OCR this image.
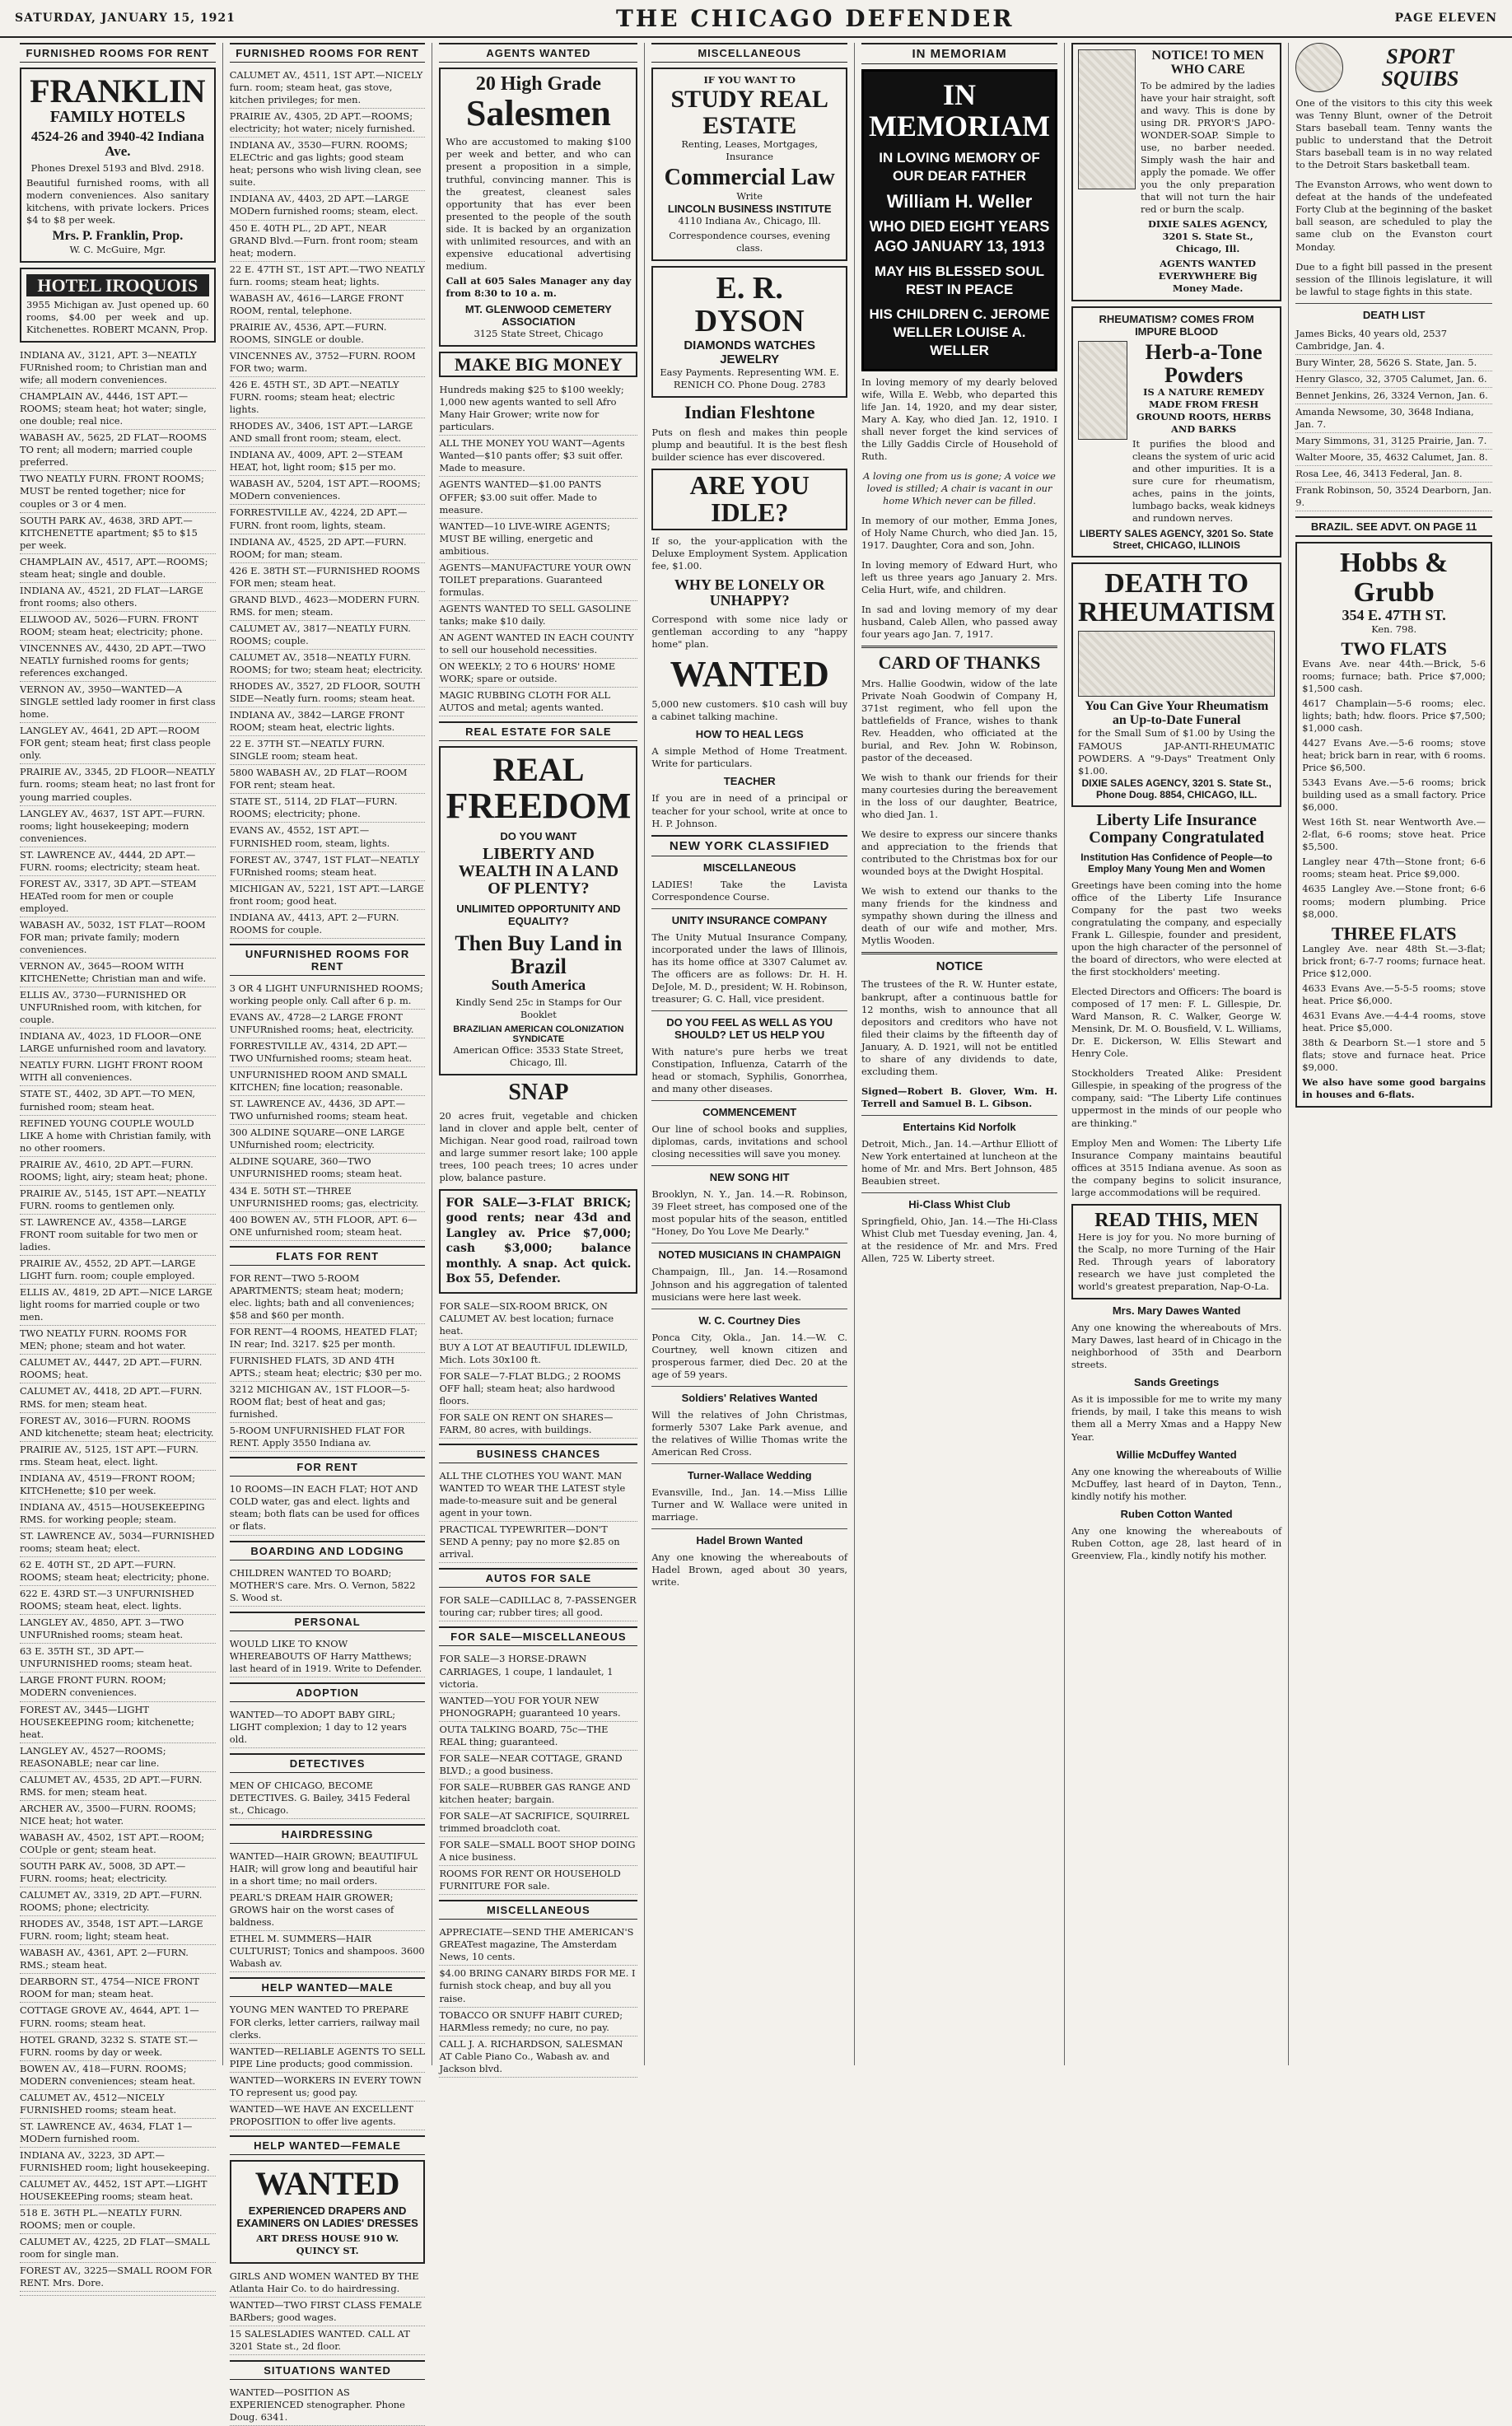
SATURDAY, JANUARY 15, 1921	THE CHICAGO DEFENDER	PAGE ELEVEN
FURNISHED ROOMS FOR RENT
FRANKLIN
FAMILY HOTELS
4524-26 and 3940-42 Indiana Ave.
Phones Drexel 5193 and Blvd. 2918.
Beautiful furnished rooms, with all modern conveniences. Also sanitary kitchens, with private lockers. Prices $4 to $8 per week.
Mrs. P. Franklin, Prop.
W. C. McGuire, Mgr.
HOTEL IROQUOIS
3955 Michigan av. Just opened up. 60 rooms, $4.00 per week and up. Kitchenettes. ROBERT MCANN, Prop.
INDIANA AV., 3121, APT. 3—NEATLY FURnished room; to Christian man and wife; all modern conveniences.
CHAMPLAIN AV., 4446, 1ST APT.—ROOMS; steam heat; hot water; single, one double; real nice.
WABASH AV., 5625, 2D FLAT—ROOMS TO rent; all modern; married couple preferred.
TWO NEATLY FURN. FRONT ROOMS; MUST be rented together; nice for couples or 3 or 4 men.
SOUTH PARK AV., 4638, 3RD APT.—KITCHENETTE apartment; $5 to $15 per week.
CHAMPLAIN AV., 4517, APT.—ROOMS; steam heat; single and double.
INDIANA AV., 4521, 2D FLAT—LARGE front rooms; also others.
ELLWOOD AV., 5026—FURN. FRONT ROOM; steam heat; electricity; phone.
VINCENNES AV., 4430, 2D APT.—TWO NEATLY furnished rooms for gents; references exchanged.
VERNON AV., 3950—WANTED—A SINGLE settled lady roomer in first class home.
LANGLEY AV., 4641, 2D APT.—ROOM FOR gent; steam heat; first class people only.
PRAIRIE AV., 3345, 2D FLOOR—NEATLY furn. rooms; steam heat; no last front for young married couples.
LANGLEY AV., 4637, 1ST APT.—FURN. rooms; light housekeeping; modern conveniences.
ST. LAWRENCE AV., 4444, 2D APT.—FURN. rooms; electricity; steam heat.
FOREST AV., 3317, 3D APT.—STEAM HEATed room for men or couple employed.
WABASH AV., 5032, 1ST FLAT—ROOM FOR man; private family; modern conveniences.
VERNON AV., 3645—ROOM WITH KITCHENette; Christian man and wife.
ELLIS AV., 3730—FURNISHED OR UNFURnished room, with kitchen, for couple.
INDIANA AV., 4023, 1D FLOOR—ONE LARGE unfurnished room and lavatory.
NEATLY FURN. LIGHT FRONT ROOM WITH all conveniences.
STATE ST., 4402, 3D APT.—TO MEN, furnished room; steam heat.
REFINED YOUNG COUPLE WOULD LIKE A home with Christian family, with no other roomers.
PRAIRIE AV., 4610, 2D APT.—FURN. ROOMS; light, airy; steam heat; phone.
PRAIRIE AV., 5145, 1ST APT.—NEATLY FURN. rooms to gentlemen only.
ST. LAWRENCE AV., 4358—LARGE FRONT room suitable for two men or ladies.
PRAIRIE AV., 4552, 2D APT.—LARGE LIGHT furn. room; couple employed.
ELLIS AV., 4819, 2D APT.—NICE LARGE light rooms for married couple or two men.
TWO NEATLY FURN. ROOMS FOR MEN; phone; steam and hot water.
CALUMET AV., 4447, 2D APT.—FURN. ROOMS; heat.
CALUMET AV., 4418, 2D APT.—FURN. RMS. for men; steam heat.
FOREST AV., 3016—FURN. ROOMS AND kitchenette; steam heat; electricity.
PRAIRIE AV., 5125, 1ST APT.—FURN. rms. Steam heat, elect. light.
INDIANA AV., 4519—FRONT ROOM; KITCHenette; $10 per week.
INDIANA AV., 4515—HOUSEKEEPING RMS. for working people; steam.
ST. LAWRENCE AV., 5034—FURNISHED rooms; steam heat; elect.
62 E. 40TH ST., 2D APT.—FURN. ROOMS; steam heat; electricity; phone.
622 E. 43RD ST.—3 UNFURNISHED ROOMS; steam heat, elect. lights.
LANGLEY AV., 4850, APT. 3—TWO UNFURnished rooms; steam heat.
63 E. 35TH ST., 3D APT.—UNFURNISHED rooms; steam heat.
LARGE FRONT FURN. ROOM; MODERN conveniences.
FOREST AV., 3445—LIGHT HOUSEKEEPING room; kitchenette; heat.
LANGLEY AV., 4527—ROOMS; REASONABLE; near car line.
CALUMET AV., 4535, 2D APT.—FURN. RMS. for men; steam heat.
ARCHER AV., 3500—FURN. ROOMS; NICE heat; hot water.
WABASH AV., 4502, 1ST APT.—ROOM; COUple or gent; steam heat.
SOUTH PARK AV., 5008, 3D APT.—FURN. rooms; heat; electricity.
CALUMET AV., 3319, 2D APT.—FURN. ROOMS; phone; electricity.
RHODES AV., 3548, 1ST APT.—LARGE FURN. room; light; steam heat.
WABASH AV., 4361, APT. 2—FURN. RMS.; steam heat.
DEARBORN ST., 4754—NICE FRONT ROOM for man; steam heat.
COTTAGE GROVE AV., 4644, APT. 1—FURN. rooms; steam heat.
HOTEL GRAND, 3232 S. STATE ST.—FURN. rooms by day or week.
BOWEN AV., 418—FURN. ROOMS; MODERN conveniences; steam heat.
CALUMET AV., 4512—NICELY FURNISHED rooms; steam heat.
ST. LAWRENCE AV., 4634, FLAT 1—MODern furnished room.
INDIANA AV., 3223, 3D APT.—FURNISHED room; light housekeeping.
CALUMET AV., 4452, 1ST APT.—LIGHT HOUSEKEEPing rooms; steam heat.
518 E. 36TH PL.—NEATLY FURN. ROOMS; men or couple.
CALUMET AV., 4225, 2D FLAT—SMALL room for single man.
FOREST AV., 3225—SMALL ROOM FOR RENT. Mrs. Dore.
FURNISHED ROOMS FOR RENT
CALUMET AV., 4511, 1ST APT.—NICELY furn. room; steam heat, gas stove, kitchen privileges; for men.
PRAIRIE AV., 4305, 2D APT.—ROOMS; electricity; hot water; nicely furnished.
INDIANA AV., 3530—FURN. ROOMS; ELECtric and gas lights; good steam heat; persons who wish living clean, see suite.
INDIANA AV., 4403, 2D APT.—LARGE MODern furnished rooms; steam, elect.
450 E. 40TH PL., 2D APT., NEAR GRAND Blvd.—Furn. front room; steam heat; modern.
22 E. 47TH ST., 1ST APT.—TWO NEATLY furn. rooms; steam heat; lights.
WABASH AV., 4616—LARGE FRONT ROOM, rental, telephone.
PRAIRIE AV., 4536, APT.—FURN. ROOMS, SINGLE or double.
VINCENNES AV., 3752—FURN. ROOM FOR two; warm.
426 E. 45TH ST., 3D APT.—NEATLY FURN. rooms; steam heat; electric lights.
RHODES AV., 3406, 1ST APT.—LARGE AND small front room; steam, elect.
INDIANA AV., 4009, APT. 2—STEAM HEAT, hot, light room; $15 per mo.
WABASH AV., 5204, 1ST APT.—ROOMS; MODern conveniences.
FORRESTVILLE AV., 4224, 2D APT.—FURN. front room, lights, steam.
INDIANA AV., 4525, 2D APT.—FURN. ROOM; for man; steam.
426 E. 38TH ST.—FURNISHED ROOMS FOR men; steam heat.
GRAND BLVD., 4623—MODERN FURN. RMS. for men; steam.
CALUMET AV., 3817—NEATLY FURN. ROOMS; couple.
CALUMET AV., 3518—NEATLY FURN. ROOMS; for two; steam heat; electricity.
RHODES AV., 3527, 2D FLOOR, SOUTH SIDE—Neatly furn. rooms; steam heat.
INDIANA AV., 3842—LARGE FRONT ROOM; steam heat, electric lights.
22 E. 37TH ST.—NEATLY FURN. SINGLE room; steam heat.
5800 WABASH AV., 2D FLAT—ROOM FOR rent; steam heat.
STATE ST., 5114, 2D FLAT—FURN. ROOMS; electricity; phone.
EVANS AV., 4552, 1ST APT.—FURNISHED room, steam, lights.
FOREST AV., 3747, 1ST FLAT—NEATLY FURnished rooms; steam heat.
MICHIGAN AV., 5221, 1ST APT.—LARGE front room; good heat.
INDIANA AV., 4413, APT. 2—FURN. ROOMS for couple.
UNFURNISHED ROOMS FOR RENT
3 OR 4 LIGHT UNFURNISHED ROOMS; working people only. Call after 6 p. m.
EVANS AV., 4728—2 LARGE FRONT UNFURnished rooms; heat, electricity.
FORRESTVILLE AV., 4314, 2D APT.—TWO UNfurnished rooms; steam heat.
UNFURNISHED ROOM AND SMALL KITCHEN; fine location; reasonable.
ST. LAWRENCE AV., 4436, 3D APT.—TWO unfurnished rooms; steam heat.
300 ALDINE SQUARE—ONE LARGE UNfurnished room; electricity.
ALDINE SQUARE, 360—TWO UNFURNISHED rooms; steam heat.
434 E. 50TH ST.—THREE UNFURNISHED rooms; gas, electricity.
400 BOWEN AV., 5TH FLOOR, APT. 6—ONE unfurnished room; steam heat.
FLATS FOR RENT
FOR RENT—TWO 5-ROOM APARTMENTS; steam heat; modern; elec. lights; bath and all conveniences; $58 and $60 per month.
FOR RENT—4 ROOMS, HEATED FLAT; IN rear; Ind. 3217. $25 per month.
FURNISHED FLATS, 3D AND 4TH APTS.; steam heat; electric; $30 per mo.
3212 MICHIGAN AV., 1ST FLOOR—5-ROOM flat; best of heat and gas; furnished.
5-ROOM UNFURNISHED FLAT FOR RENT. Apply 3550 Indiana av.
FOR RENT
10 ROOMS—IN EACH FLAT; HOT AND COLD water, gas and elect. lights and steam; both flats can be used for offices or flats.
BOARDING AND LODGING
CHILDREN WANTED TO BOARD; MOTHER'S care. Mrs. O. Vernon, 5822 S. Wood st.
PERSONAL
WOULD LIKE TO KNOW WHEREABOUTS OF Harry Matthews; last heard of in 1919. Write to Defender.
ADOPTION
WANTED—TO ADOPT BABY GIRL; LIGHT complexion; 1 day to 12 years old.
DETECTIVES
MEN OF CHICAGO, BECOME DETECTIVES. G. Bailey, 3415 Federal st., Chicago.
HAIRDRESSING
WANTED—HAIR GROWN; BEAUTIFUL HAIR; will grow long and beautiful hair in a short time; no mail orders.
PEARL'S DREAM HAIR GROWER; GROWS hair on the worst cases of baldness.
ETHEL M. SUMMERS—HAIR CULTURIST; Tonics and shampoos. 3600 Wabash av.
HELP WANTED—MALE
YOUNG MEN WANTED TO PREPARE FOR clerks, letter carriers, railway mail clerks.
WANTED—RELIABLE AGENTS TO SELL PIPE Line products; good commission.
WANTED—WORKERS IN EVERY TOWN TO represent us; good pay.
WANTED—WE HAVE AN EXCELLENT PROPOSITION to offer live agents.
HELP WANTED—FEMALE
WANTED
EXPERIENCED DRAPERS AND EXAMINERS ON LADIES' DRESSES
ART DRESS HOUSE 910 W. QUINCY ST.
GIRLS AND WOMEN WANTED BY THE Atlanta Hair Co. to do hairdressing.
WANTED—TWO FIRST CLASS FEMALE BARbers; good wages.
15 SALESLADIES WANTED. CALL AT 3201 State st., 2d floor.
SITUATIONS WANTED
WANTED—POSITION AS EXPERIENCED stenographer. Phone Doug. 6341.
AGENTS WANTED
20 High Grade
Salesmen
Who are accustomed to making $100 per week and better, and who can present a proposition in a simple, truthful, convincing manner. This is the greatest, cleanest sales opportunity that has ever been presented to the people of the south side. It is backed by an organization with unlimited resources, and with an expensive educational advertising medium.
Call at 605 Sales Manager any day from 8:30 to 10 a. m.
MT. GLENWOOD CEMETERY ASSOCIATION
3125 State Street, Chicago
MAKE BIG MONEY
Hundreds making $25 to $100 weekly; 1,000 new agents wanted to sell Afro Many Hair Grower; write now for particulars.
ALL THE MONEY YOU WANT—Agents Wanted—$10 pants offer; $3 suit offer. Made to measure.
AGENTS WANTED—$1.00 PANTS OFFER; $3.00 suit offer. Made to measure.
WANTED—10 LIVE-WIRE AGENTS; MUST BE willing, energetic and ambitious.
AGENTS—MANUFACTURE YOUR OWN TOILET preparations. Guaranteed formulas.
AGENTS WANTED TO SELL GASOLINE tanks; make $10 daily.
AN AGENT WANTED IN EACH COUNTY to sell our household necessities.
ON WEEKLY; 2 TO 6 HOURS' HOME WORK; spare or outside.
MAGIC RUBBING CLOTH FOR ALL AUTOS and metal; agents wanted.
REAL ESTATE FOR SALE
REAL
FREEDOM
DO YOU WANT
LIBERTY AND WEALTH IN A LAND OF PLENTY?
UNLIMITED OPPORTUNITY AND EQUALITY?
Then Buy Land in Brazil
South America
Kindly Send 25c in Stamps for Our Booklet
BRAZILIAN AMERICAN COLONIZATION SYNDICATE
American Office: 3533 State Street, Chicago, Ill.
SNAP
20 acres fruit, vegetable and chicken land in clover and apple belt, center of Michigan. Near good road, railroad town and large summer resort lake; 100 apple trees, 100 peach trees; 10 acres under plow, balance pasture.
FOR SALE—3-FLAT BRICK; good rents; near 43d and Langley av. Price $7,000; cash $3,000; balance monthly. A snap. Act quick. Box 55, Defender.
FOR SALE—SIX-ROOM BRICK, ON CALUMET AV. best location; furnace heat.
BUY A LOT AT BEAUTIFUL IDLEWILD, Mich. Lots 30x100 ft.
FOR SALE—7-FLAT BLDG.; 2 ROOMS OFF hall; steam heat; also hardwood floors.
FOR SALE ON RENT ON SHARES—FARM, 80 acres, with buildings.
BUSINESS CHANCES
ALL THE CLOTHES YOU WANT. MAN WANTED TO WEAR THE LATEST style made-to-measure suit and be general agent in your town.
PRACTICAL TYPEWRITER—DON'T SEND A penny; pay no more $2.85 on arrival.
AUTOS FOR SALE
FOR SALE—CADILLAC 8, 7-PASSENGER touring car; rubber tires; all good.
FOR SALE—MISCELLANEOUS
FOR SALE—3 HORSE-DRAWN CARRIAGES, 1 coupe, 1 landaulet, 1 victoria.
WANTED—YOU FOR YOUR NEW PHONOGRAPH; guaranteed 10 years.
OUTA TALKING BOARD, 75c—THE REAL thing; guaranteed.
FOR SALE—NEAR COTTAGE, GRAND BLVD.; a good business.
FOR SALE—RUBBER GAS RANGE AND kitchen heater; bargain.
FOR SALE—AT SACRIFICE, SQUIRREL trimmed broadcloth coat.
FOR SALE—SMALL BOOT SHOP DOING A nice business.
ROOMS FOR RENT OR HOUSEHOLD FURNITURE FOR sale.
MISCELLANEOUS
APPRECIATE—SEND THE AMERICAN'S GREATest magazine, The Amsterdam News, 10 cents.
$4.00 BRING CANARY BIRDS FOR ME. I furnish stock cheap, and buy all you raise.
TOBACCO OR SNUFF HABIT CURED; HARMless remedy; no cure, no pay.
CALL J. A. RICHARDSON, SALESMAN AT Cable Piano Co., Wabash av. and Jackson blvd.
MISCELLANEOUS
IF YOU WANT TO
STUDY REAL ESTATE
Renting, Leases, Mortgages, Insurance
Commercial Law
Write
LINCOLN BUSINESS INSTITUTE
4110 Indiana Av., Chicago, Ill.
Correspondence courses, evening class.
E. R. DYSON
DIAMONDS WATCHES JEWELRY
Easy Payments. Representing WM. E. RENICH CO. Phone Doug. 2783
Indian Fleshtone
Puts on flesh and makes thin people plump and beautiful. It is the best flesh builder science has ever discovered.
ARE YOU IDLE?
If so, the your-application with the Deluxe Employment System. Application fee, $1.00.
WHY BE LONELY OR UNHAPPY?
Correspond with some nice lady or gentleman according to any "happy home" plan.
WANTED
5,000 new customers. $10 cash will buy a cabinet talking machine.
HOW TO HEAL LEGS
A simple Method of Home Treatment. Write for particulars.
TEACHER
If you are in need of a principal or teacher for your school, write at once to H. P. Johnson.
NEW YORK CLASSIFIED
MISCELLANEOUS
LADIES! Take the Lavista Correspondence Course.
UNITY INSURANCE COMPANY
The Unity Mutual Insurance Company, incorporated under the laws of Illinois, has its home office at 3307 Calumet av. The officers are as follows: Dr. H. H. DeJole, M. D., president; W. H. Robinson, treasurer; G. C. Hall, vice president.
DO YOU FEEL AS WELL AS YOU SHOULD? LET US HELP YOU
With nature's pure herbs we treat Constipation, Influenza, Catarrh of the head or stomach, Syphilis, Gonorrhea, and many other diseases.
COMMENCEMENT
Our line of school books and supplies, diplomas, cards, invitations and school closing necessities will save you money.
NEW SONG HIT
Brooklyn, N. Y., Jan. 14.—R. Robinson, 39 Fleet street, has composed one of the most popular hits of the season, entitled "Honey, Do You Love Me Dearly."
NOTED MUSICIANS IN CHAMPAIGN
Champaign, Ill., Jan. 14.—Rosamond Johnson and his aggregation of talented musicians were here last week.
W. C. Courtney Dies
Ponca City, Okla., Jan. 14.—W. C. Courtney, well known citizen and prosperous farmer, died Dec. 20 at the age of 59 years.
Soldiers' Relatives Wanted
Will the relatives of John Christmas, formerly 5307 Lake Park avenue, and the relatives of Willie Thomas write the American Red Cross.
Turner-Wallace Wedding
Evansville, Ind., Jan. 14.—Miss Lillie Turner and W. Wallace were united in marriage.
Hadel Brown Wanted
Any one knowing the whereabouts of Hadel Brown, aged about 30 years, write.
IN MEMORIAM
IN MEMORIAM
IN LOVING MEMORY OF OUR DEAR FATHER
William H. Weller
WHO DIED EIGHT YEARS AGO JANUARY 13, 1913
MAY HIS BLESSED SOUL REST IN PEACE
HIS CHILDREN C. JEROME WELLER LOUISE A. WELLER
In loving memory of my dearly beloved wife, Willa E. Webb, who departed this life Jan. 14, 1920, and my dear sister, Mary A. Kay, who died Jan. 12, 1910. I shall never forget the kind services of the Lilly Gaddis Circle of Household of Ruth.
A loving one from us is gone; A voice we loved is stilled; A chair is vacant in our home Which never can be filled.
In memory of our mother, Emma Jones, of Holy Name Church, who died Jan. 15, 1917. Daughter, Cora and son, John.
In loving memory of Edward Hurt, who left us three years ago January 2. Mrs. Celia Hurt, wife, and children.
In sad and loving memory of my dear husband, Caleb Allen, who passed away four years ago Jan. 7, 1917.
CARD OF THANKS
Mrs. Hallie Goodwin, widow of the late Private Noah Goodwin of Company H, 371st regiment, who fell upon the battlefields of France, wishes to thank Rev. Headden, who officiated at the burial, and Rev. John W. Robinson, pastor of the deceased.
We wish to thank our friends for their many courtesies during the bereavement in the loss of our daughter, Beatrice, who died Jan. 1.
We desire to express our sincere thanks and appreciation to the friends that contributed to the Christmas box for our wounded boys at the Dwight Hospital.
We wish to extend our thanks to the many friends for the kindness and sympathy shown during the illness and death of our wife and mother, Mrs. Mytlis Wooden.
NOTICE
The trustees of the R. W. Hunter estate, bankrupt, after a continuous battle for 12 months, wish to announce that all depositors and creditors who have not filed their claims by the fifteenth day of January, A. D. 1921, will not be entitled to share of any dividends to date, excluding them.
Signed—Robert B. Glover, Wm. H. Terrell and Samuel B. L. Gibson.
Entertains Kid Norfolk
Detroit, Mich., Jan. 14.—Arthur Elliott of New York entertained at luncheon at the home of Mr. and Mrs. Bert Johnson, 485 Beaubien street.
Hi-Class Whist Club
Springfield, Ohio, Jan. 14.—The Hi-Class Whist Club met Tuesday evening, Jan. 4, at the residence of Mr. and Mrs. Fred Allen, 725 W. Liberty street.
NOTICE! TO MEN WHO CARE
To be admired by the ladies have your hair straight, soft and wavy. This is done by using DR. PRYOR'S JAPO-WONDER-SOAP. Simple to use, no barber needed. Simply wash the hair and apply the pomade. We offer you the only preparation that will not turn the hair red or burn the scalp.
DIXIE SALES AGENCY, 3201 S. State St., Chicago, Ill.
AGENTS WANTED EVERYWHERE Big Money Made.
RHEUMATISM? COMES FROM IMPURE BLOOD
Herb-a-Tone Powders
IS A NATURE REMEDY MADE FROM FRESH GROUND ROOTS, HERBS AND BARKS
It purifies the blood and cleans the system of uric acid and other impurities. It is a sure cure for rheumatism, aches, pains in the joints, lumbago backs, weak kidneys and rundown nerves.
LIBERTY SALES AGENCY, 3201 So. State Street, CHICAGO, ILLINOIS
DEATH TO RHEUMATISM
You Can Give Your Rheumatism an Up-to-Date Funeral
for the Small Sum of $1.00 by Using the FAMOUS JAP-ANTI-RHEUMATIC POWDERS. A "9-Days" Treatment Only $1.00.
DIXIE SALES AGENCY, 3201 S. State St., Phone Doug. 8854, CHICAGO, ILL.
Liberty Life Insurance Company Congratulated
Institution Has Confidence of People—to Employ Many Young Men and Women
Greetings have been coming into the home office of the Liberty Life Insurance Company for the past two weeks congratulating the company, and especially Frank L. Gillespie, founder and president, upon the high character of the personnel of the board of directors, who were elected at the first stockholders' meeting.
Elected Directors and Officers: The board is composed of 17 men: F. L. Gillespie, Dr. Ward Manson, R. C. Walker, George W. Mensink, Dr. M. O. Bousfield, V. L. Williams, Dr. E. Dickerson, W. Ellis Stewart and Henry Cole.
Stockholders Treated Alike: President Gillespie, in speaking of the progress of the company, said: "The Liberty Life continues uppermost in the minds of our people who are thinking."
Employ Men and Women: The Liberty Life Insurance Company maintains beautiful offices at 3515 Indiana avenue. As soon as the company begins to solicit insurance, large accommodations will be required.
READ THIS, MEN
Here is joy for you. No more burning of the Scalp, no more Turning of the Hair Red. Through years of laboratory research we have just completed the world's greatest preparation, Nap-O-La.
Mrs. Mary Dawes Wanted
Any one knowing the whereabouts of Mrs. Mary Dawes, last heard of in Chicago in the neighborhood of 35th and Dearborn streets.
Sands Greetings
As it is impossible for me to write my many friends, by mail, I take this means to wish them all a Merry Xmas and a Happy New Year.
Willie McDuffey Wanted
Any one knowing the whereabouts of Willie McDuffey, last heard of in Dayton, Tenn., kindly notify his mother.
Ruben Cotton Wanted
Any one knowing the whereabouts of Ruben Cotton, age 28, last heard of in Greenview, Fla., kindly notify his mother.
SPORT SQUIBS
One of the visitors to this city this week was Tenny Blunt, owner of the Detroit Stars baseball team. Tenny wants the public to understand that the Detroit Stars baseball team is in no way related to the Detroit Stars basketball team.
The Evanston Arrows, who went down to defeat at the hands of the undefeated Forty Club at the beginning of the basket ball season, are scheduled to play the same club on the Evanston court Monday.
Due to a fight bill passed in the present session of the Illinois legislature, it will be lawful to stage fights in this state.
DEATH LIST
James Bicks, 40 years old, 2537 Cambridge, Jan. 4.
Bury Winter, 28, 5626 S. State, Jan. 5.
Henry Glasco, 32, 3705 Calumet, Jan. 6.
Bennet Jenkins, 26, 3324 Vernon, Jan. 6.
Amanda Newsome, 30, 3648 Indiana, Jan. 7.
Mary Simmons, 31, 3125 Prairie, Jan. 7.
Walter Moore, 35, 4632 Calumet, Jan. 8.
Rosa Lee, 46, 3413 Federal, Jan. 8.
Frank Robinson, 50, 3524 Dearborn, Jan. 9.
BRAZIL. SEE ADVT. ON PAGE 11
Hobbs & Grubb
354 E. 47TH ST.
Ken. 798.
TWO FLATS
Evans Ave. near 44th.—Brick, 5-6 rooms; furnace; bath. Price $7,000; $1,500 cash.
4617 Champlain—5-6 rooms; elec. lights; bath; hdw. floors. Price $7,500; $1,000 cash.
4427 Evans Ave.—5-6 rooms; stove heat; brick barn in rear, with 6 rooms. Price $6,500.
5343 Evans Ave.—5-6 rooms; brick building used as a small factory. Price $6,000.
West 16th St. near Wentworth Ave.—2-flat, 6-6 rooms; stove heat. Price $5,500.
Langley near 47th—Stone front; 6-6 rooms; steam heat. Price $9,000.
4635 Langley Ave.—Stone front; 6-6 rooms; modern plumbing. Price $8,000.
THREE FLATS
Langley Ave. near 48th St.—3-flat; brick front; 6-7-7 rooms; furnace heat. Price $12,000.
4633 Evans Ave.—5-5-5 rooms; stove heat. Price $6,000.
4631 Evans Ave.—4-4-4 rooms, stove heat. Price $5,000.
38th & Dearborn St.—1 store and 5 flats; stove and furnace heat. Price $9,000.
We also have some good bargains in houses and 6-flats.
